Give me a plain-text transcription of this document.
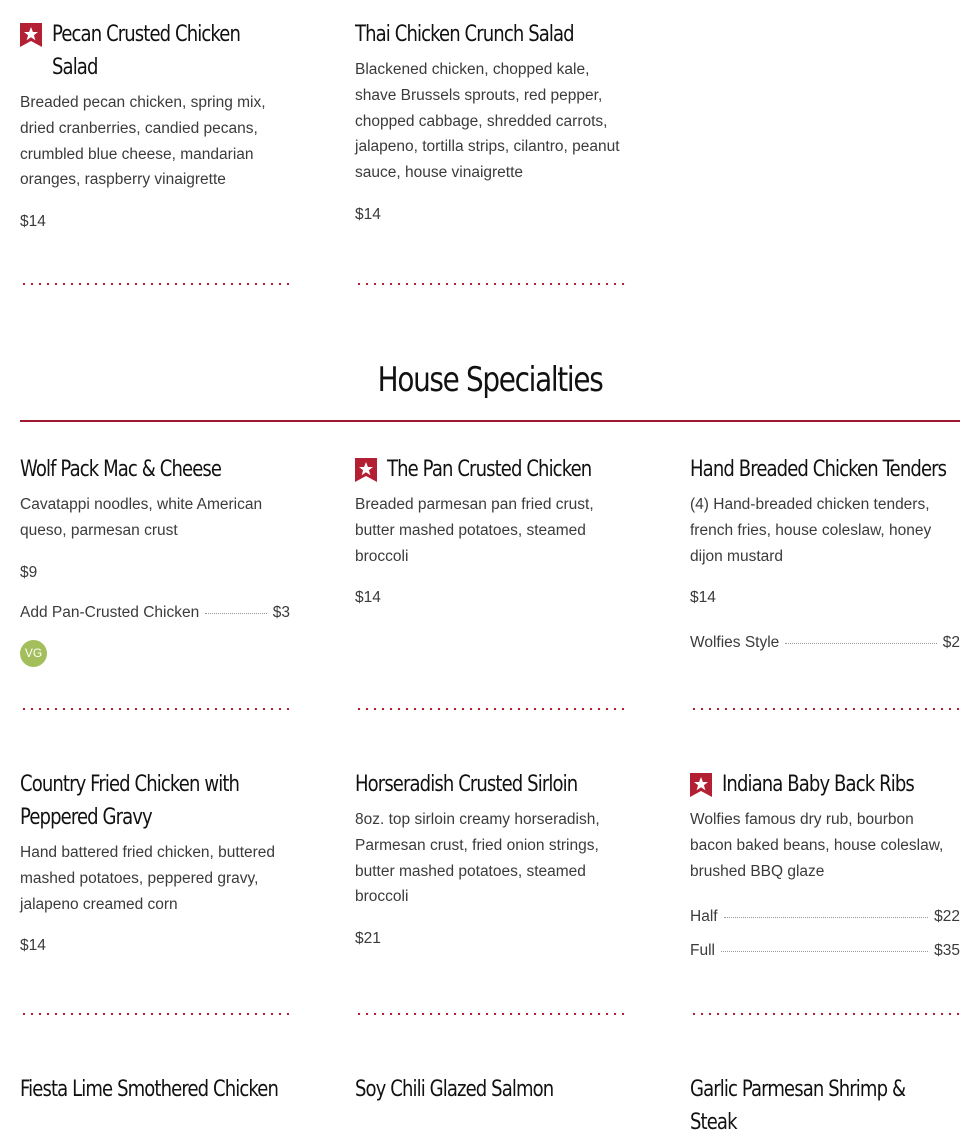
Pecan Crusted Chicken Salad
Breaded pecan chicken, spring mix, dried cranberries, candied pecans, crumbled blue cheese, mandarian oranges, raspberry vinaigrette
$14
Thai Chicken Crunch Salad
Blackened chicken, chopped kale, shave Brussels sprouts, red pepper, chopped cabbage, shredded carrots, jalapeno, tortilla strips, cilantro, peanut sauce, house vinaigrette
$14
House Specialties
Wolf Pack Mac & Cheese
Cavatappi noodles, white American queso, parmesan crust
$9
Add Pan-Crusted Chicken	$3
VG
The Pan Crusted Chicken
Breaded parmesan pan fried crust, butter mashed potatoes, steamed broccoli
$14
Hand Breaded Chicken Tenders
(4) Hand-breaded chicken tenders, french fries, house coleslaw, honey dijon mustard
$14
Wolfies Style	$2
Country Fried Chicken with Peppered Gravy
Hand battered fried chicken, buttered mashed potatoes, peppered gravy, jalapeno creamed corn
$14
Horseradish Crusted Sirloin
8oz. top sirloin creamy horseradish, Parmesan crust, fried onion strings, butter mashed potatoes, steamed broccoli
$21
Indiana Baby Back Ribs
Wolfies famous dry rub, bourbon bacon baked beans, house coleslaw, brushed BBQ glaze
Half	$22
Full	$35
Fiesta Lime Smothered Chicken	Soy Chili Glazed Salmon	Garlic Parmesan Shrimp & Steak
